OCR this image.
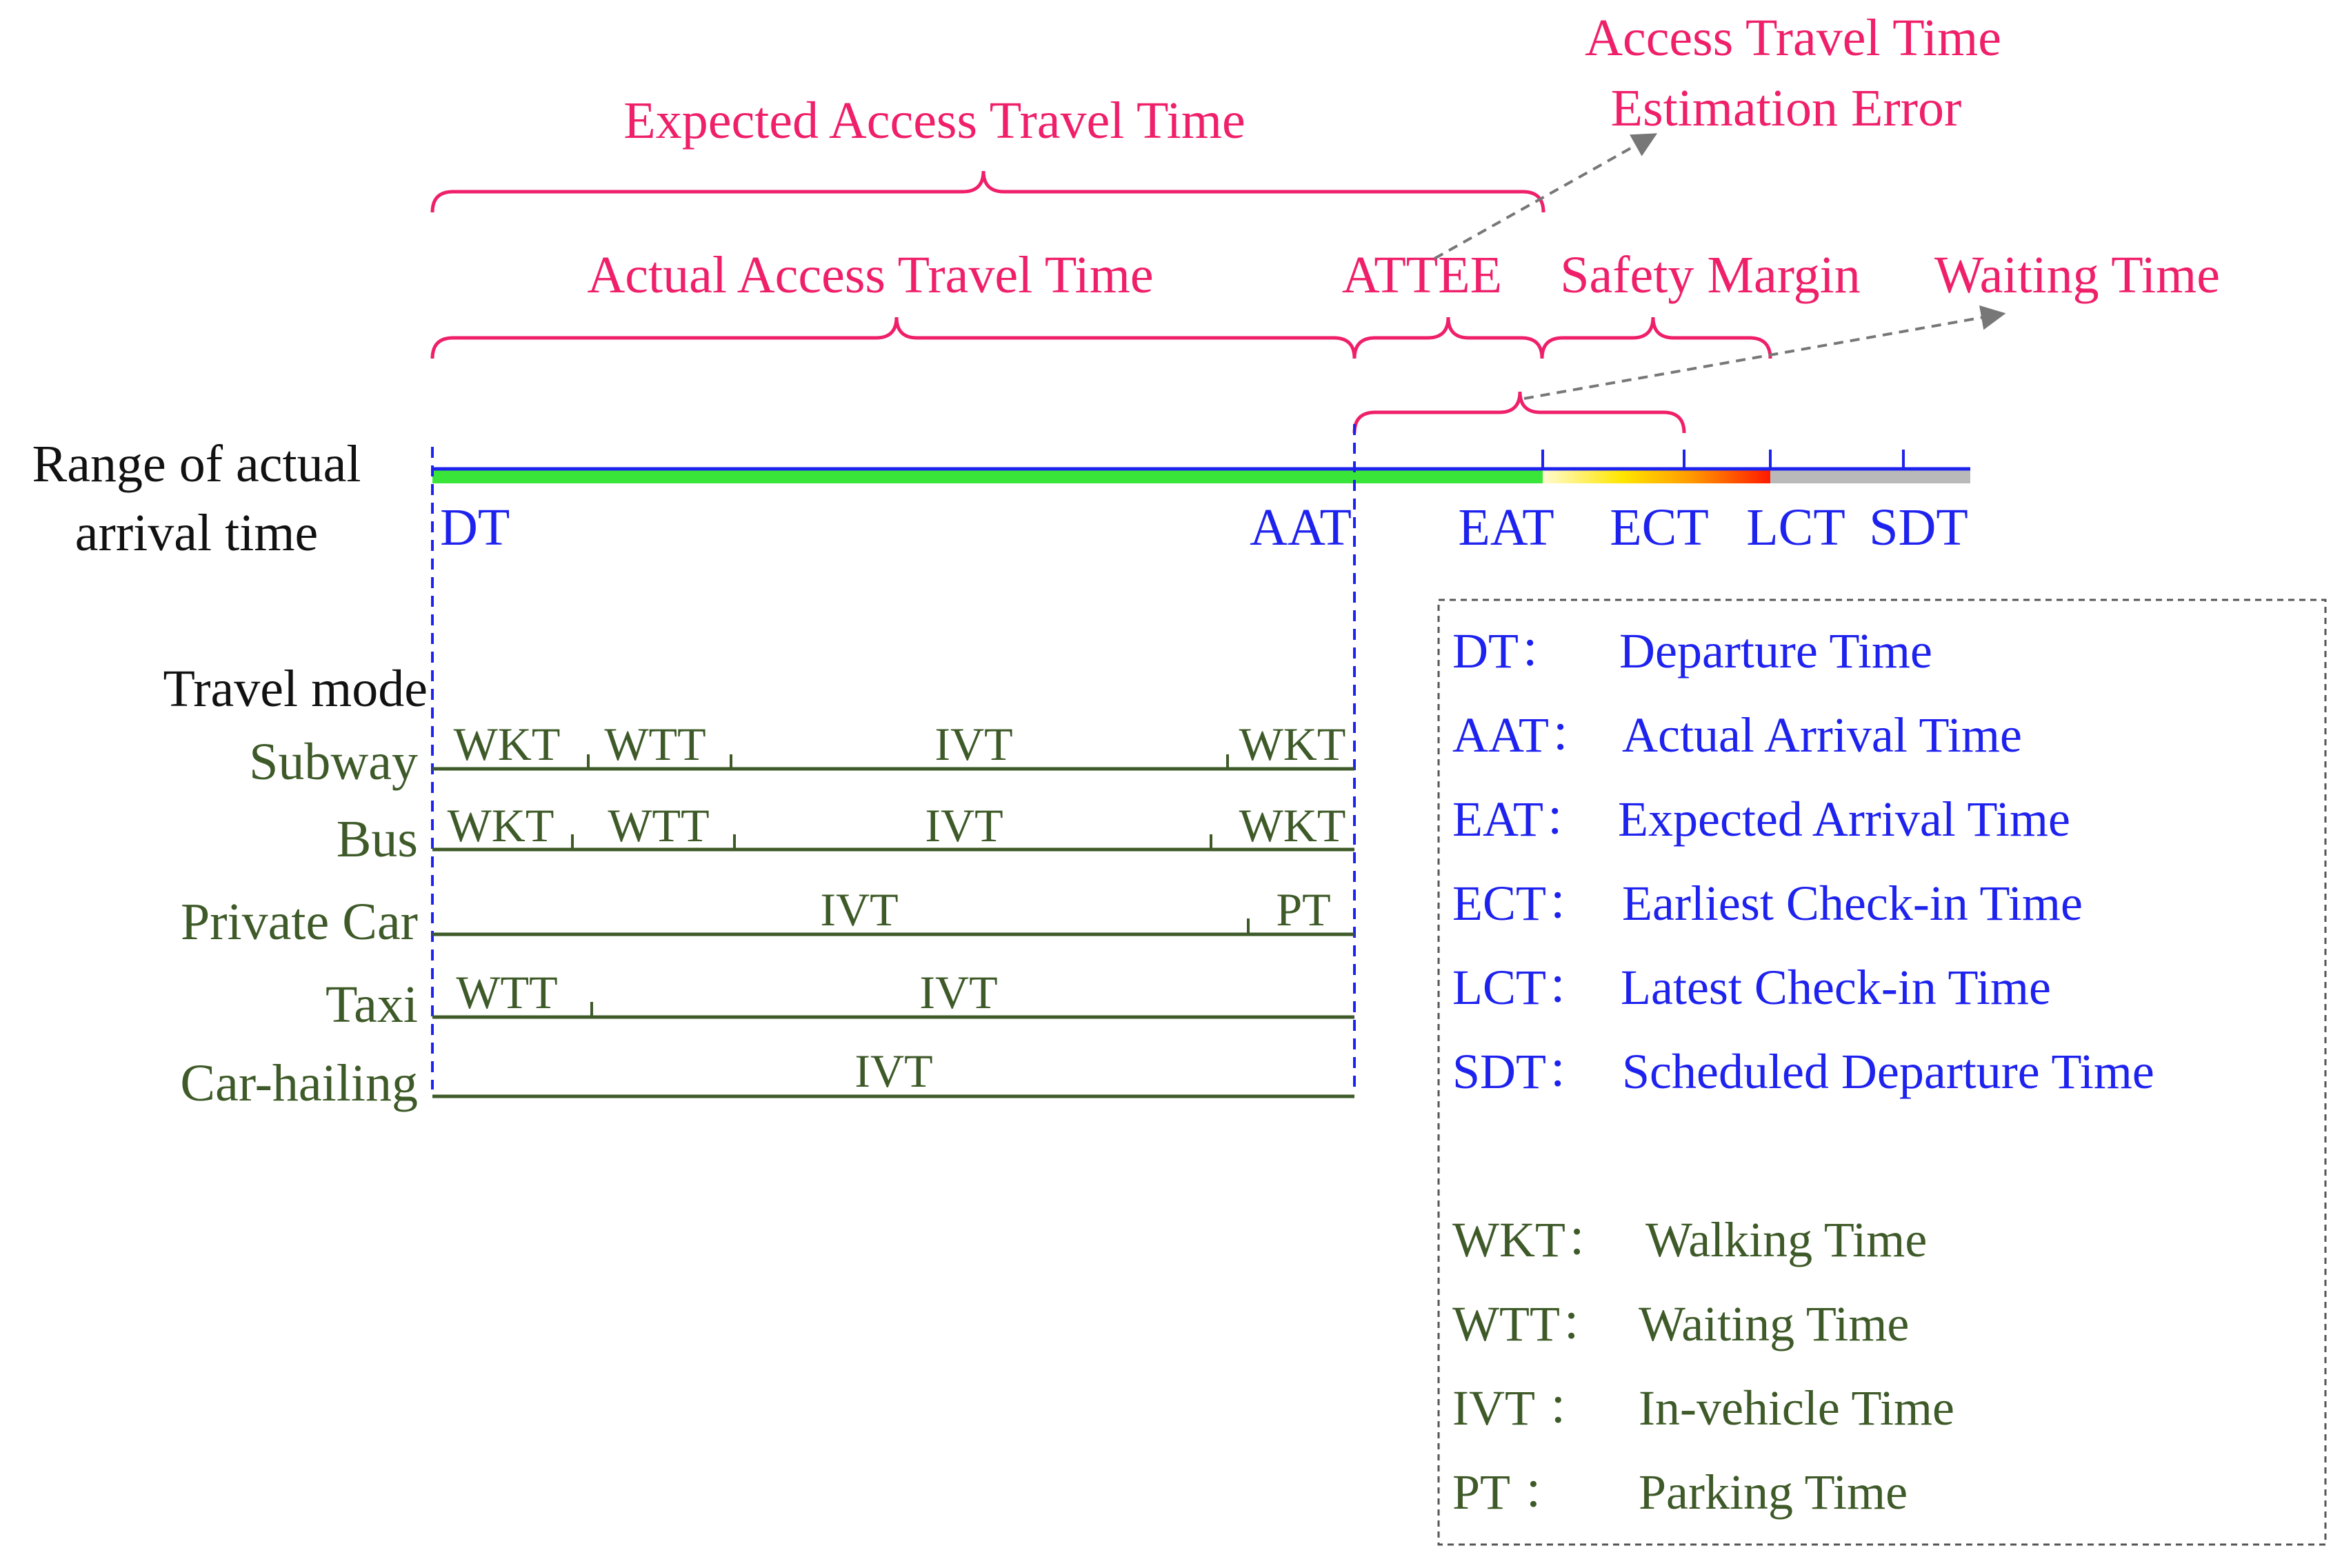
Expected Access Travel Time
Actual Access Travel Time	ATTEE Safety Margin Waiting Time
Access Travel Time
Estimation Error
Range of actual
arrival time DT	AAT EAT ECT LCT SDT
Travel mode
Subway WKT WTT	IVT	WKT
Bus WKT WTT	IVT	WKT
Private Car	IVT	PT
Taxi WTT	IVT
Car-hailing	IVT
DT： Departure Time
AAT： Actual Arrival Time
EAT： Expected Arrival Time
ECT： Earliest Check-in Time
LCT： Latest Check-in Time
SDT： Scheduled Departure Time
WKT： Walking Time
WTT： Waiting Time
IVT ： In-vehicle Time
PT ： Parking Time
